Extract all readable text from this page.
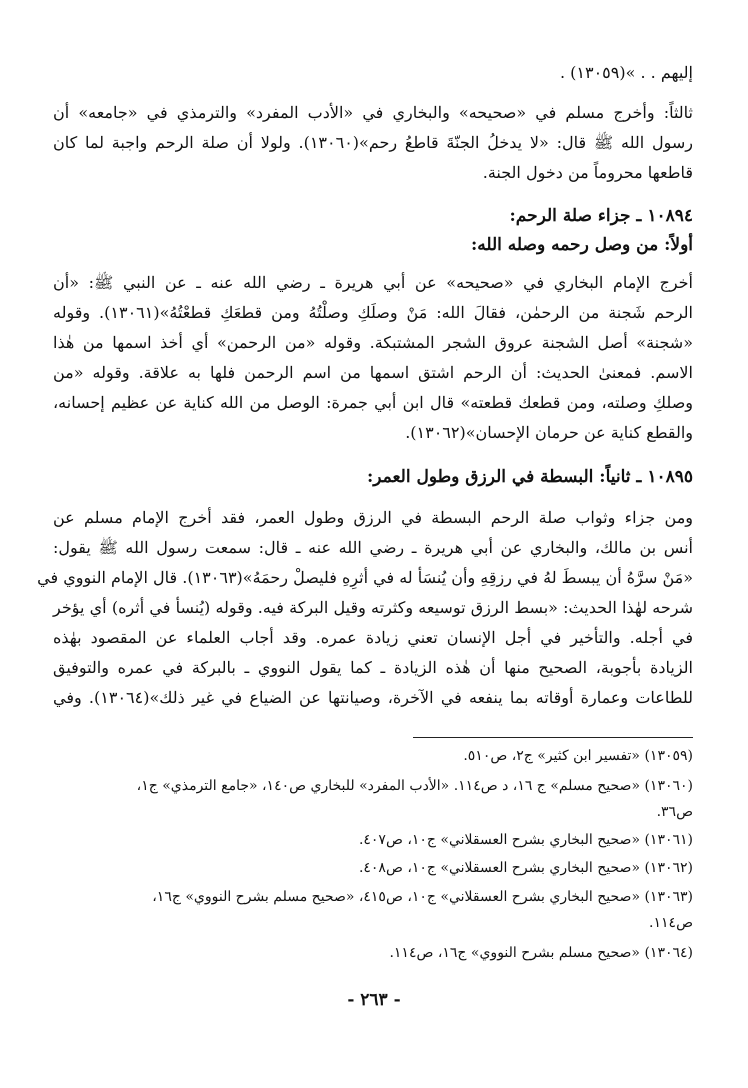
إليهم . . »(١٣٠٥٩) .
ثالثاً: وأخرج مسلم في «صحيحه» والبخاري في «الأدب المفرد» والترمذي في «جامعه» أن
رسول الله ﷺ قال: «لا يدخلُ الجنّةَ قاطعُ رحم»(١٣٠٦٠). ولولا أن صلة الرحم واجبة لما كان
قاطعها محروماً من دخول الجنة.
١٠٨٩٤ ـ جزاء صلة الرحم:
أولاً: من وصل رحمه وصله الله:
أخرج الإمام البخاري في «صحيحه» عن أبي هريرة ـ رضي الله عنه ـ عن النبي ﷺ: «أن
الرحم شَجنة من الرحمٰن، فقالَ الله: مَنْ وصلَكِ وصلْتُهُ ومن قطعَكِ قطعْتُهُ»(١٣٠٦١). وقوله
«شجنة» أصل الشجنة عروق الشجر المشتبكة. وقوله «من الرحمن» أي أخذ اسمها من هٰذا
الاسم. فمعنىٰ الحديث: أن الرحم اشتق اسمها من اسم الرحمن فلها به علاقة. وقوله «من
وصلكِ وصلته، ومن قطعك قطعته» قال ابن أبي جمرة: الوصل من الله كناية عن عظيم إحسانه،
والقطع كناية عن حرمان الإحسان»(١٣٠٦٢).
١٠٨٩٥ ـ ثانياً: البسطة في الرزق وطول العمر:
ومن جزاء وثواب صلة الرحم البسطة في الرزق وطول العمر، فقد أخرج الإمام مسلم عن
أنس بن مالك، والبخاري عن أبي هريرة ـ رضي الله عنه ـ قال: سمعت رسول الله ﷺ يقول:
«مَنْ سرَّهُ أن يبسطَ لهُ في رزقِهِ وأن يُنسَأ له في أثرِهِ فليصلْ رحمَهُ»(١٣٠٦٣). قال الإمام النووي في
شرحه لهٰذا الحديث: «بسط الرزق توسيعه وكثرته وقيل البركة فيه. وقوله (يُنسأ في أثره) أي يؤخر
في أجله. والتأخير في أجل الإنسان تعني زيادة عمره. وقد أجاب العلماء عن المقصود بهٰذه
الزيادة بأجوبة، الصحيح منها أن هٰذه الزيادة ـ كما يقول النووي ـ بالبركة في عمره والتوفيق
للطاعات وعمارة أوقاته بما ينفعه في الآخرة، وصيانتها عن الضياع في غير ذلك»(١٣٠٦٤). وفي
(١٣٠٥٩) «تفسير ابن كثير» ج٢، ص٥١٠.
(١٣٠٦٠) «صحيح مسلم» ج ١٦، د ص١١٤. «الأدب المفرد» للبخاري ص١٤٠، «جامع الترمذي» ج١،
ص٣٦.
(١٣٠٦١) «صحيح البخاري بشرح العسقلاني» ج١٠، ص٤٠٧.
(١٣٠٦٢) «صحيح البخاري بشرح العسقلاني» ج١٠، ص٤٠٨.
(١٣٠٦٣) «صحيح البخاري بشرح العسقلاني» ج١٠، ص٤١٥، «صحيح مسلم بشرح النووي» ج١٦،
ص١١٤.
(١٣٠٦٤) «صحيح مسلم بشرح النووي» ج١٦، ص١١٤.
- ٢٦٣ -
